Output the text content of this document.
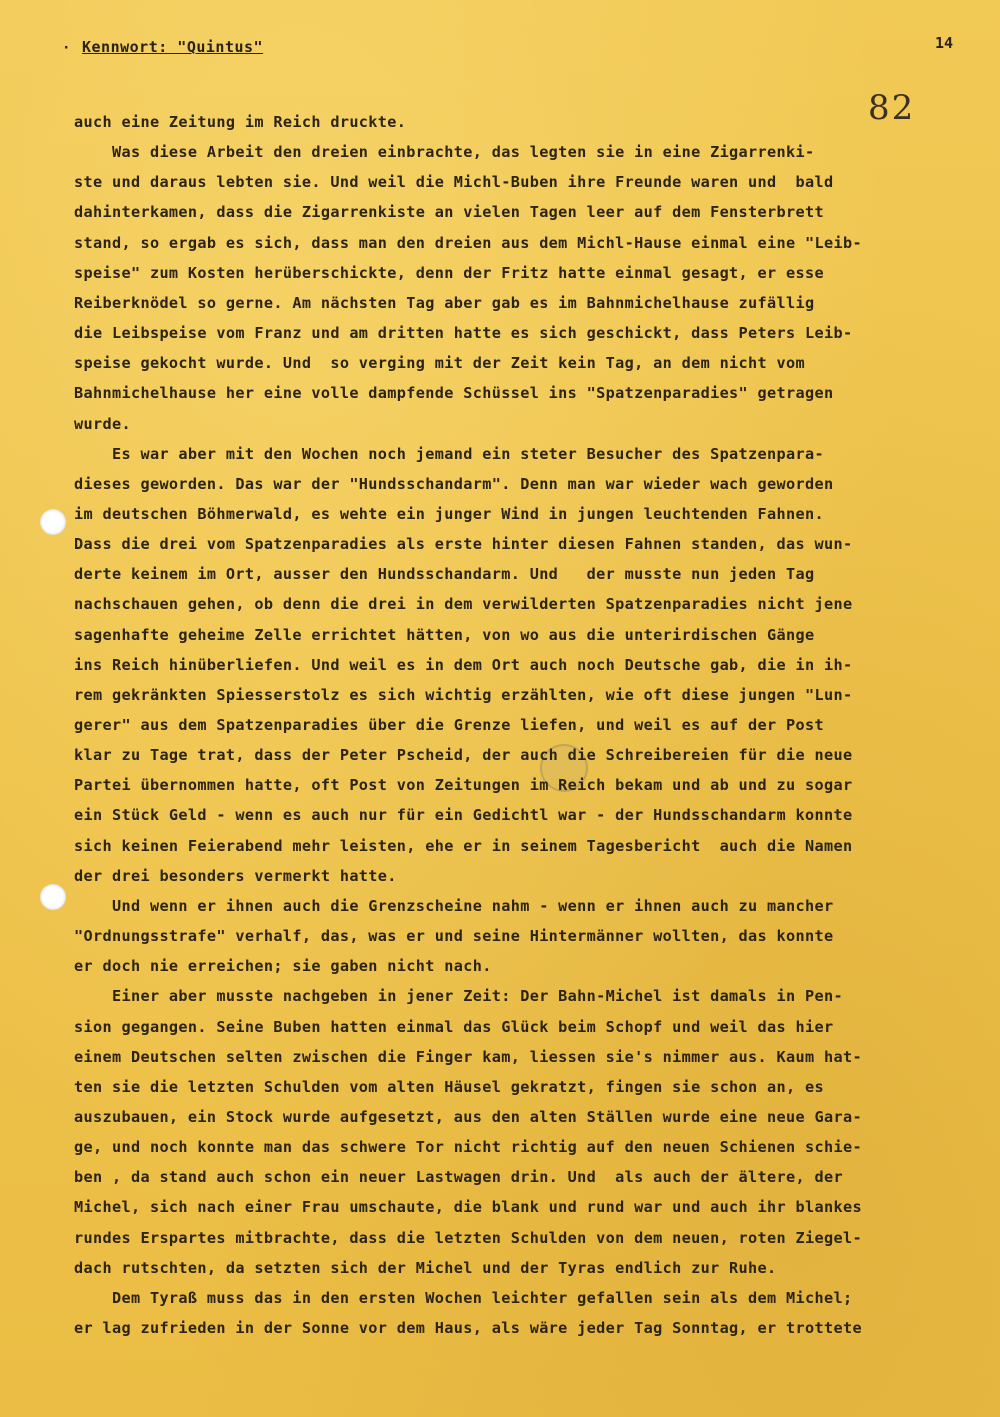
· Kennwort: "Quintus"	14
82
auch eine Zeitung im Reich druckte.
Was diese Arbeit den dreien einbrachte, das legten sie in eine Zigarrenki-
ste und daraus lebten sie. Und weil die Michl-Buben ihre Freunde waren und  bald
dahinterkamen, dass die Zigarrenkiste an vielen Tagen leer auf dem Fensterbrett
stand, so ergab es sich, dass man den dreien aus dem Michl-Hause einmal eine "Leib-
speise" zum Kosten herüberschickte, denn der Fritz hatte einmal gesagt, er esse
Reiberknödel so gerne. Am nächsten Tag aber gab es im Bahnmichelhause zufällig
die Leibspeise vom Franz und am dritten hatte es sich geschickt, dass Peters Leib-
speise gekocht wurde. Und  so verging mit der Zeit kein Tag, an dem nicht vom
Bahnmichelhause her eine volle dampfende Schüssel ins "Spatzenparadies" getragen
wurde.
Es war aber mit den Wochen noch jemand ein steter Besucher des Spatzenpara-
dieses geworden. Das war der "Hundsschandarm". Denn man war wieder wach geworden
im deutschen Böhmerwald, es wehte ein junger Wind in jungen leuchtenden Fahnen.
Dass die drei vom Spatzenparadies als erste hinter diesen Fahnen standen, das wun-
derte keinem im Ort, ausser den Hundsschandarm. Und   der musste nun jeden Tag
nachschauen gehen, ob denn die drei in dem verwilderten Spatzenparadies nicht jene
sagenhafte geheime Zelle errichtet hätten, von wo aus die unterirdischen Gänge
ins Reich hinüberliefen. Und weil es in dem Ort auch noch Deutsche gab, die in ih-
rem gekränkten Spiesserstolz es sich wichtig erzählten, wie oft diese jungen "Lun-
gerer" aus dem Spatzenparadies über die Grenze liefen, und weil es auf der Post
klar zu Tage trat, dass der Peter Pscheid, der auch die Schreibereien für die neue
Partei übernommen hatte, oft Post von Zeitungen im Reich bekam und ab und zu sogar
ein Stück Geld - wenn es auch nur für ein Gedichtl war - der Hundsschandarm konnte
sich keinen Feierabend mehr leisten, ehe er in seinem Tagesbericht  auch die Namen
der drei besonders vermerkt hatte.
Und wenn er ihnen auch die Grenzscheine nahm - wenn er ihnen auch zu mancher
"Ordnungsstrafe" verhalf, das, was er und seine Hintermänner wollten, das konnte
er doch nie erreichen; sie gaben nicht nach.
Einer aber musste nachgeben in jener Zeit: Der Bahn-Michel ist damals in Pen-
sion gegangen. Seine Buben hatten einmal das Glück beim Schopf und weil das hier
einem Deutschen selten zwischen die Finger kam, liessen sie's nimmer aus. Kaum hat-
ten sie die letzten Schulden vom alten Häusel gekratzt, fingen sie schon an, es
auszubauen, ein Stock wurde aufgesetzt, aus den alten Ställen wurde eine neue Gara-
ge, und noch konnte man das schwere Tor nicht richtig auf den neuen Schienen schie-
ben , da stand auch schon ein neuer Lastwagen drin. Und  als auch der ältere, der
Michel, sich nach einer Frau umschaute, die blank und rund war und auch ihr blankes
rundes Erspartes mitbrachte, dass die letzten Schulden von dem neuen, roten Ziegel-
dach rutschten, da setzten sich der Michel und der Tyras endlich zur Ruhe.
Dem Tyraß muss das in den ersten Wochen leichter gefallen sein als dem Michel;
er lag zufrieden in der Sonne vor dem Haus, als wäre jeder Tag Sonntag, er trottete
